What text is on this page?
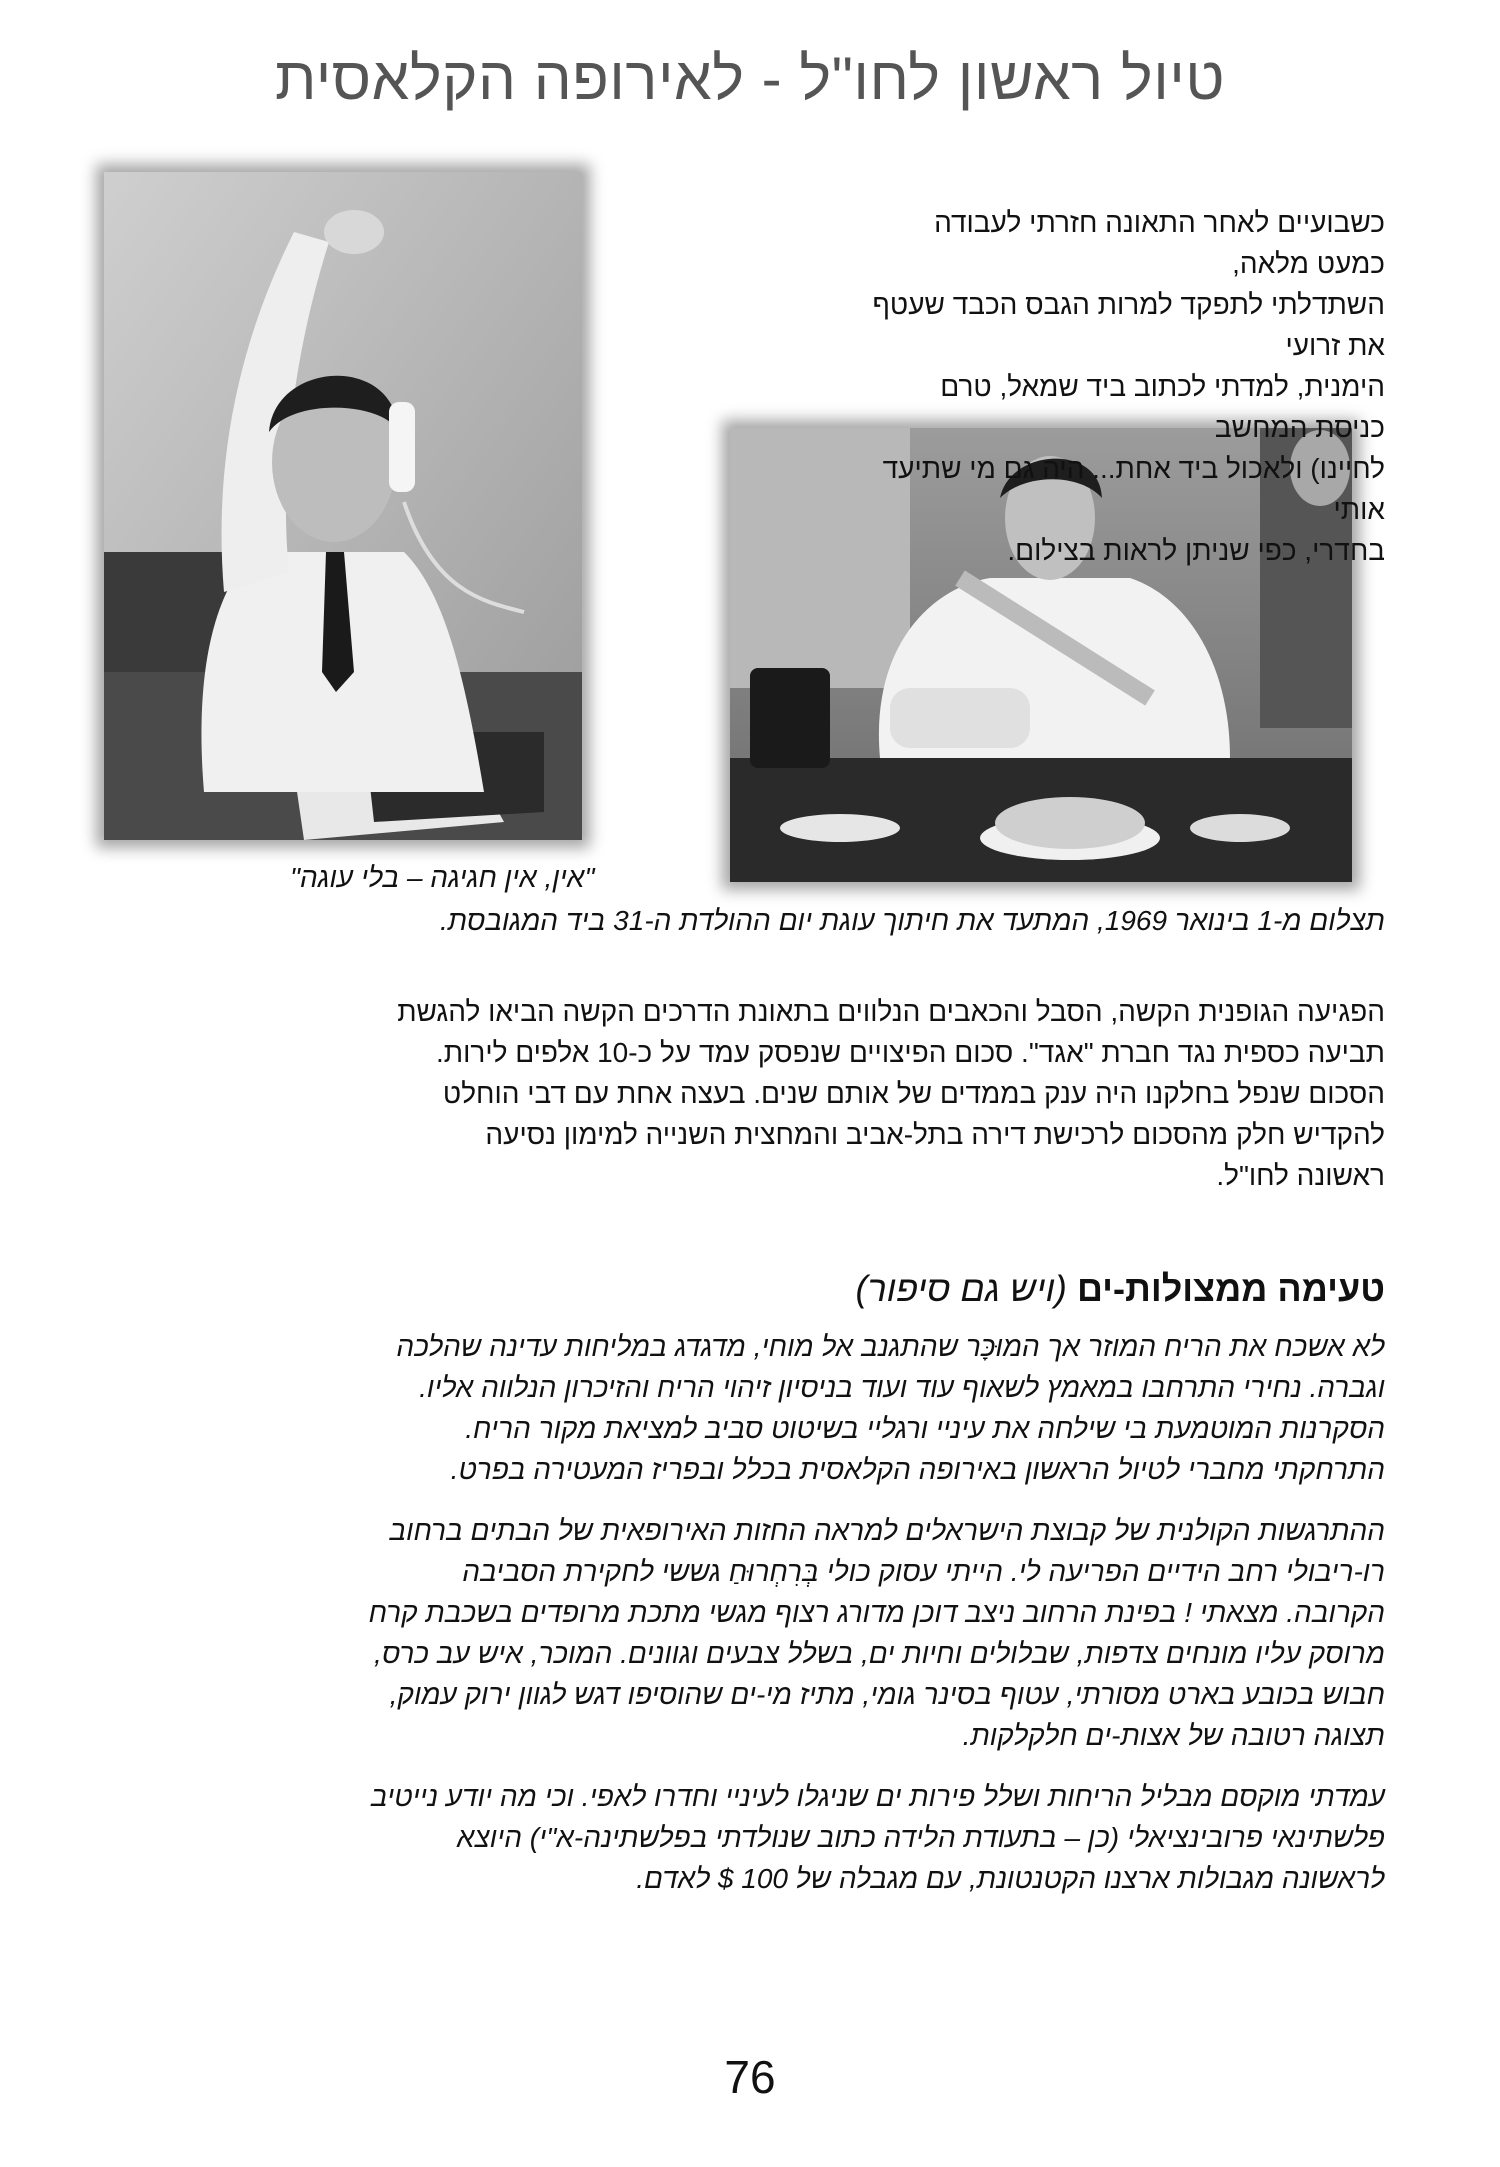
טיול ראשון לחו"ל - לאירופה הקלאסית
כשבועיים לאחר התאונה חזרתי לעבודה כמעט מלאה,
השתדלתי לתפקד למרות הגבס הכבד שעטף את זרועי
הימנית, למדתי לכתוב ביד שמאל, טרם כניסת המחשב
לחיינו) ולאכול ביד אחת... היה גם מי שתיעד אותי
בחדרי, כפי שניתן לראות בצילום.
"אין, אין חגיגה – בלי עוגה"
תצלום מ-1 בינואר 1969, המתעד את חיתוך עוגת יום ההולדת ה-31 ביד המגובסת.
הפגיעה הגופנית הקשה, הסבל והכאבים הנלווים בתאונת הדרכים הקשה הביאו להגשת
תביעה כספית נגד חברת "אגד". סכום הפיצויים שנפסק עמד על כ-10 אלפים לירות.
הסכום שנפל בחלקנו היה ענק בממדים של אותם שנים. בעצה אחת עם דבי הוחלט
להקדיש חלק מהסכום לרכישת דירה בתל-אביב והמחצית השנייה למימון נסיעה
ראשונה לחו"ל.
טעימה ממצולות-ים (ויש גם סיפור)
לא אשכח את הריח המוזר אך המוּכָּר שהתגנב אל מוחי, מדגדג במליחות עדינה שהלכה
וגברה. נחירי התרחבו במאמץ לשאוף עוד ועוד בניסיון זיהוי הריח והזיכרון הנלווה אליו.
הסקרנות המוטמעת בי שילחה את עיניי ורגליי בשיטוט סביב למציאת מקור הריח.
התרחקתי מחברי לטיול הראשון באירופה הקלאסית בכלל ובפריז המעטירה בפרט.
ההתרגשות הקולנית של קבוצת הישראלים למראה החזות האירופאית של הבתים ברחוב
רו-ריבולי רחב הידיים הפריעה לי. הייתי עסוק כולי בְּרִחְרוּחַ גששי לחקירת הסביבה
הקרובה. מצאתי ! בפינת הרחוב ניצב דוכן מדורג רצוף מגשי מתכת מרופדים בשכבת קרח
מרוסק עליו מונחים צדפות, שבלולים וחיות ים, בשלל צבעים וגוונים. המוכר, איש עב כרס,
חבוש בכובע בארט מסורתי, עטוף בסינר גומי, מתיז מי-ים שהוסיפו דגש לגוון ירוק עמוק,
תצוגה רטובה של אצות-ים חלקלקות.
עמדתי מוקסם מבליל הריחות ושלל פירות ים שניגלו לעיניי וחדרו לאפי. וכי מה יודע נייטיב
פלשתינאי פרובינציאלי (כן – בתעודת הלידה כתוב שנולדתי בפלשתינה-א"י) היוצא
לראשונה מגבולות ארצנו הקטנטונת, עם מגבלה של 100 $ לאדם.
76
